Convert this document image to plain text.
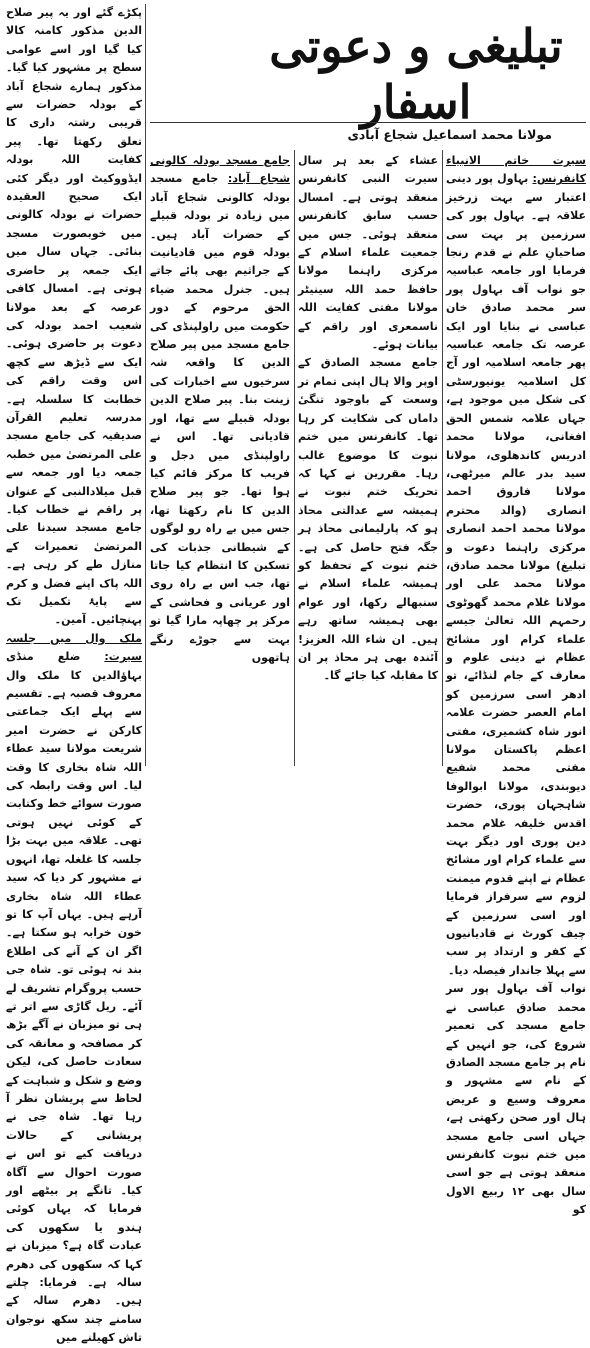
تبلیغی و دعوتی اسفار
مولانا محمد اسماعیل شجاع آبادی

سیرت خاتم الانبیاء کانفرنس: بہاول پور دینی اعتبار سے بہت زرخیز علاقہ ہے۔ بہاول پور کی سرزمین پر بہت سی صاحبانِ علم نے قدم رنجا فرمایا اور جامعہ عباسیہ جو نواب آف بہاول پور سر محمد صادق خان عباسی نے بنایا اور ایک عرصہ تک جامعہ عباسیہ پھر جامعہ اسلامیہ اور آج کل اسلامیہ یونیورسٹی کی شکل میں موجود ہے، جہاں علامہ شمس الحق افغانی، مولانا محمد ادریس کاندھلوی، مولانا سید بدر عالم میرٹھی، مولانا فاروق احمد انصاری (والد محترم مولانا محمد احمد انصاری مرکزی راہنما دعوت و تبلیغ) مولانا محمد صادق، مولانا محمد علی اور مولانا غلام محمد گھوٹوی رحمہم اللہ تعالیٰ جیسے علماء کرام اور مشائخ عظام نے دینی علوم و معارف کے جام لنڈائے، تو ادھر اسی سرزمین کو امام العصر حضرت علامہ انور شاہ کشمیری، مفتی اعظم پاکستان مولانا مفتی محمد شفیع دیوبندی، مولانا ابوالوفا شاہجہان پوری، حضرت اقدس خلیفہ غلام محمد دین پوری اور دیگر بہت سے علماء کرام اور مشائخ عظام نے اپنے قدوم میمنت لزوم سے سرفراز فرمایا اور اسی سرزمین کے چیف کورٹ نے قادیانیوں کے کفر و ارتداد پر سب سے پہلا جاندار فیصلہ دیا۔

نواب آف بہاول پور سر محمد صادق عباسی نے جامع مسجد کی تعمیر شروع کی، جو انہیں کے نام پر جامع مسجد الصادق کے نام سے مشہور و معروف وسیع و عریض ہال اور صحن رکھتی ہے، جہاں اسی جامع مسجد میں ختم نبوت کانفرنس منعقد ہوتی ہے جو اسی سال بھی ۱۲ ربیع الاول کو

عشاء کے بعد ہر سال سیرت النبی کانفرنس منعقد ہوتی ہے۔ امسال حسب سابق کانفرنس منعقد ہوئی۔ جس میں جمعیت علماء اسلام کے مرکزی راہنما مولانا حافظ حمد اللہ سینیٹر مولانا مفتی کفایت اللہ ناسمعری اور راقم کے بیانات ہوئے۔

جامع مسجد الصادق کے اوپر والا ہال اپنی تمام تر وسعت کے باوجود تنگیٔ داماں کی شکایت کر رہا تھا۔ کانفرنس میں ختم نبوت کا موضوع غالب رہا۔ مقررین نے کہا کہ تحریک ختم نبوت نے ہمیشہ سے عدالتی محاذ ہو کہ پارلیمانی محاذ ہر جگہ فتح حاصل کی ہے۔ ختم نبوت کے تحفظ کو ہمیشہ علماء اسلام نے سنبھالے رکھا، اور عوام بھی ہمیشہ ساتھ رہے ہیں۔ ان شاء اللہ العزیز! آئندہ بھی ہر محاذ پر ان کا مقابلہ کیا جائے گا۔

پکڑے گئے اور یہ پیر صلاح الدین مذکور کامنہ کالا کیا گیا اور اسے عوامی سطح پر مشہور کیا گیا۔ مذکور ہمارے شجاع آباد کے بودلہ حضرات سے قریبی رشتہ داری کا تعلق رکھتا تھا۔ پیر کفایت اللہ بودلہ ایڈووکیٹ اور دیگر کئی ایک صحیح العقیدہ حضرات نے بودلہ کالونی میں خوبصورت مسجد بنائی۔ جہاں سال میں ایک جمعہ پر حاضری ہوتی ہے۔ امسال کافی عرصہ کے بعد مولانا شعیب احمد بودلہ کی دعوت پر حاضری ہوئی۔ ایک سے ڈیڑھ سے کچھ اس وقت راقم کی خطابت کا سلسلہ ہے۔ مدرسہ تعلیم القرآن صدیقیہ کی جامع مسجد علی المرتضیٰ میں خطبہ جمعہ دیا اور جمعہ سے قبل میلادالنبی کے عنوان پر راقم نے خطاب کیا۔ جامع مسجد سیدنا علی المرتضیٰ تعمیرات کے منازل طے کر رہی ہے۔ اللہ پاک اپنے فضل و کرم سے پایۂ تکمیل تک پہنچائیں۔ آمین۔

ملک وال میں جلسہ سیرت: ضلع منڈی بہاؤالدین کا ملک وال معروف قصبہ ہے۔ تقسیم سے پہلے ایک جماعتی کارکن نے حضرت امیر شریعت مولانا سید عطاء اللہ شاہ بخاری کا وقت لیا۔ اس وقت رابطہ کی صورت سوائے خط وکتابت کے کوئی نہیں ہوتی تھی۔ علاقہ میں بہت بڑا جلسہ کا غلغلہ تھا، انہوں نے مشہور کر دیا کہ سید عطاء اللہ شاہ بخاری آرہے ہیں۔ یہاں آپ کا تو خون خرابہ ہو سکتا ہے۔ اگر ان کے آنے کی اطلاع بند نہ ہوئی تو۔ شاہ جی حسب پروگرام تشریف لے آئے۔ ریل گاڑی سے اتر تے ہی تو میزبان نے آگے بڑھ کر مصافحہ و معانقہ کی سعادت حاصل کی، لیکن وضع و شکل و شباہت کے لحاظ سے پریشان نظر آ رہا تھا۔ شاہ جی نے پریشانی کے حالات دریافت کیے تو اس نے صورت احوال سے آگاہ کیا۔ تانگے پر بیٹھے اور فرمایا کہ یہاں کوئی ہندو یا سکھوں کی عبادت گاہ ہے؟ میزبان نے کہا کہ سکھوں کی دھرم سالہ ہے۔ فرمایا: چلتے ہیں۔ دھرم سالہ کے سامنے چند سکھ نوجوان تاش کھیلنے میں

جامع مسجد بودلہ کالونی شجاع آباد: جامع مسجد بودلہ کالونی شجاع آباد میں زیادہ تر بودلہ قبیلے کے حضرات آباد ہیں۔ بودلہ قوم میں قادیانیت کے جراثیم بھی پائے جاتے ہیں۔ جنرل محمد ضیاء الحق مرحوم کے دور حکومت میں راولپنڈی کی جامع مسجد میں پیر صلاح الدین کا واقعہ شہ سرخیوں سے اخبارات کی زینت بنا۔ پیر صلاح الدین بودلہ قبیلے سے تھا، اور قادیانی تھا۔ اس نے راولپنڈی میں دجل و فریب کا مرکز قائم کیا ہوا تھا۔ جو پیر صلاح الدین کا نام رکھتا تھا، جس میں بے راہ رو لوگوں کے شیطانی جذبات کی تسکین کا انتظام کیا جاتا تھا، جب اس بے راہ روی اور عریانی و فحاشی کے مرکز پر چھاپہ مارا گیا تو بہت سے جوڑے رنگے ہاتھوں
